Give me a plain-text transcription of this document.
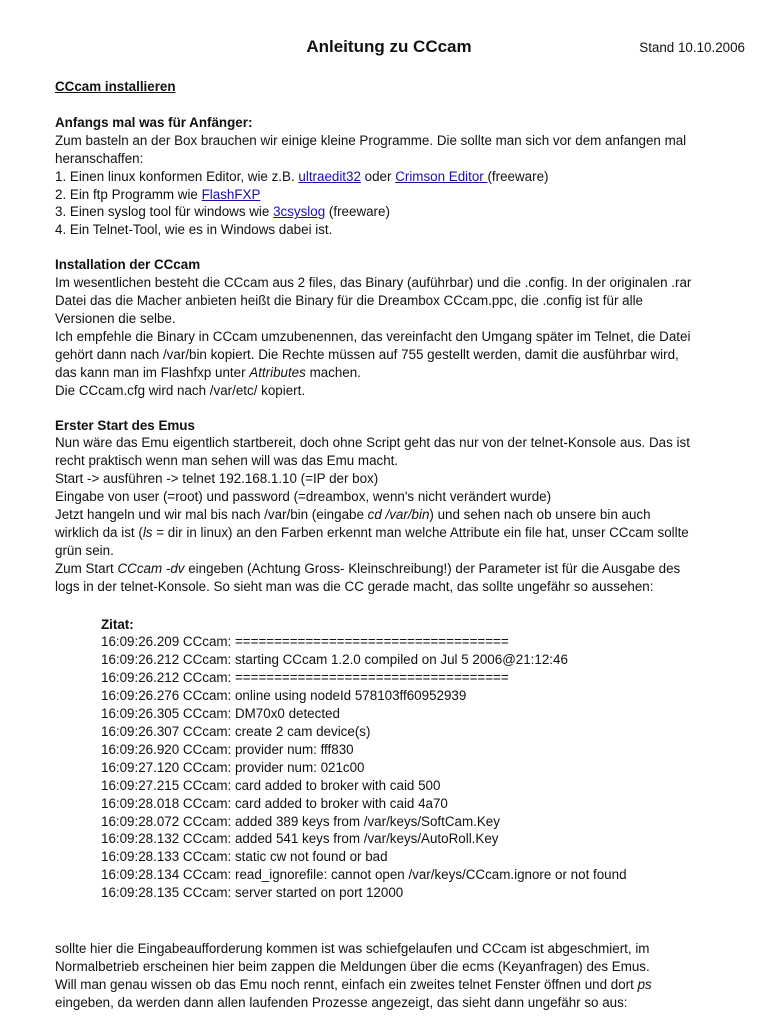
Anleitung zu CCcam	Stand 10.10.2006

CCcam installieren

Anfangs mal was für Anfänger:

Zum basteln an der Box brauchen wir einige kleine Programme. Die sollte man sich vor dem anfangen mal

heranschaffen:

1. Einen linux konformen Editor, wie z.B. ultraedit32 oder Crimson Editor (freeware)

2. Ein ftp Programm wie FlashFXP

3. Einen syslog tool für windows wie 3csyslog (freeware)

4. Ein Telnet-Tool, wie es in Windows dabei ist.

Installation der CCcam

Im wesentlichen besteht die CCcam aus 2 files, das Binary (auführbar) und die .config. In der originalen .rar

Datei das die Macher anbieten heißt die Binary für die Dreambox CCcam.ppc, die .config ist für alle

Versionen die selbe.

Ich empfehle die Binary in CCcam umzubenennen, das vereinfacht den Umgang später im Telnet, die Datei

gehört dann nach /var/bin kopiert. Die Rechte müssen auf 755 gestellt werden, damit die ausführbar wird,

das kann man im Flashfxp unter Attributes machen.

Die CCcam.cfg wird nach /var/etc/ kopiert.

Erster Start des Emus

Nun wäre das Emu eigentlich startbereit, doch ohne Script geht das nur von der telnet-Konsole aus. Das ist

recht praktisch wenn man sehen will was das Emu macht.

Start -> ausführen -> telnet 192.168.1.10 (=IP der box)

Eingabe von user (=root) und password (=dreambox, wenn's nicht verändert wurde)

Jetzt hangeln und wir mal bis nach /var/bin (eingabe cd /var/bin) und sehen nach ob unsere bin auch

wirklich da ist (ls = dir in linux) an den Farben erkennt man welche Attribute ein file hat, unser CCcam sollte

grün sein.

Zum Start CCcam -dv eingeben (Achtung Gross- Kleinschreibung!) der Parameter ist für die Ausgabe des

logs in der telnet-Konsole. So sieht man was die CC gerade macht, das sollte ungefähr so aussehen:

Zitat:

16:09:26.209 CCcam: ===================================

16:09:26.212 CCcam: starting CCcam 1.2.0 compiled on Jul 5 2006@21:12:46

16:09:26.212 CCcam: ===================================

16:09:26.276 CCcam: online using nodeId 578103ff60952939

16:09:26.305 CCcam: DM70x0 detected

16:09:26.307 CCcam: create 2 cam device(s)

16:09:26.920 CCcam: provider num: fff830

16:09:27.120 CCcam: provider num: 021c00

16:09:27.215 CCcam: card added to broker with caid 500

16:09:28.018 CCcam: card added to broker with caid 4a70

16:09:28.072 CCcam: added 389 keys from /var/keys/SoftCam.Key

16:09:28.132 CCcam: added 541 keys from /var/keys/AutoRoll.Key

16:09:28.133 CCcam: static cw not found or bad

16:09:28.134 CCcam: read_ignorefile: cannot open /var/keys/CCcam.ignore or not found

16:09:28.135 CCcam: server started on port 12000

sollte hier die Eingabeaufforderung kommen ist was schiefgelaufen und CCcam ist abgeschmiert, im

Normalbetrieb erscheinen hier beim zappen die Meldungen über die ecms (Keyanfragen) des Emus.

Will man genau wissen ob das Emu noch rennt, einfach ein zweites telnet Fenster öffnen und dort ps

eingeben, da werden dann allen laufenden Prozesse angezeigt, das sieht dann ungefähr so aus:
